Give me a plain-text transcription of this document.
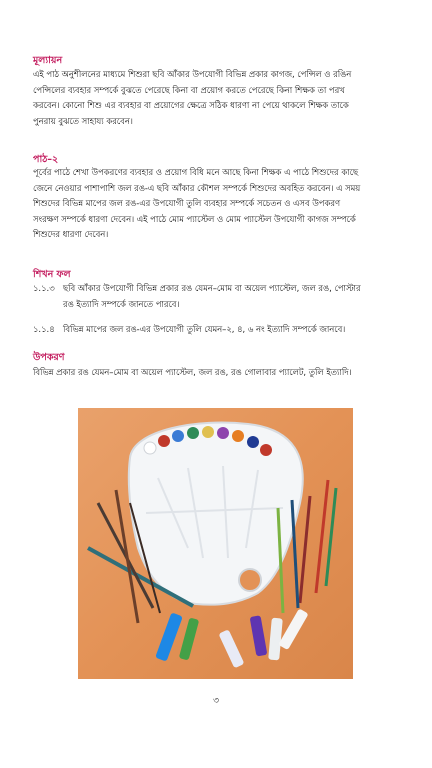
মূল্যায়ন
এই পাঠ অনুশীলনের মাধ্যমে শিশুরা ছবি আঁকার উপযোগী বিভিন্ন প্রকার কাগজ, পেন্সিল ও রঙিন
পেন্সিলের ব্যবহার সম্পর্কে বুঝতে পেরেছে কিনা বা প্রয়োগ করতে পেরেছে কিনা শিক্ষক তা পরখ
করবেন। কোনো শিশু এর ব্যবহার বা প্রয়োগের ক্ষেত্রে সঠিক ধারণা না পেয়ে থাকলে শিক্ষক তাকে
পুনরায় বুঝতে সাহায্য করবেন।
পাঠ–২
পূর্বের পাঠে শেখা উপকরণের ব্যবহার ও প্রয়োগ বিধি মনে আছে কিনা শিক্ষক এ পাঠে শিশুদের কাছে
জেনে নেওয়ার পাশাপাশি জল রঙ-এ ছবি আঁকার কৌশল সম্পর্কে শিশুদের অবহিত করবেন। এ সময়
শিশুদের বিভিন্ন মাপের জল রঙ-এর উপযোগী তুলি ব্যবহার সম্পর্কে সচেতন ও এসব উপকরণ
সংরক্ষণ সম্পর্কে ধারণা দেবেন। এই পাঠে মোম প্যাস্টেল ও মোম প্যাস্টেল উপযোগী কাগজ সম্পর্কে
শিশুদের ধারণা দেবেন।
শিখন ফল
১.১.৩ ছবি আঁকার উপযোগী বিভিন্ন প্রকার রঙ যেমন–মোম বা অয়েল প্যাস্টেল, জল রঙ, পোস্টার
রঙ ইত্যাদি সম্পর্কে জানতে পারবে।
১.১.৪ বিভিন্ন মাপের জল রঙ-এর উপযোগী তুলি যেমন–২, ৪, ৬ নং ইত্যাদি সম্পর্কে জানবে।
উপকরণ
বিভিন্ন প্রকার রঙ যেমন–মোম বা অয়েল প্যাস্টেল, জল রঙ, রঙ গোলাবার প্যালেট, তুলি ইত্যাদি।
৩
